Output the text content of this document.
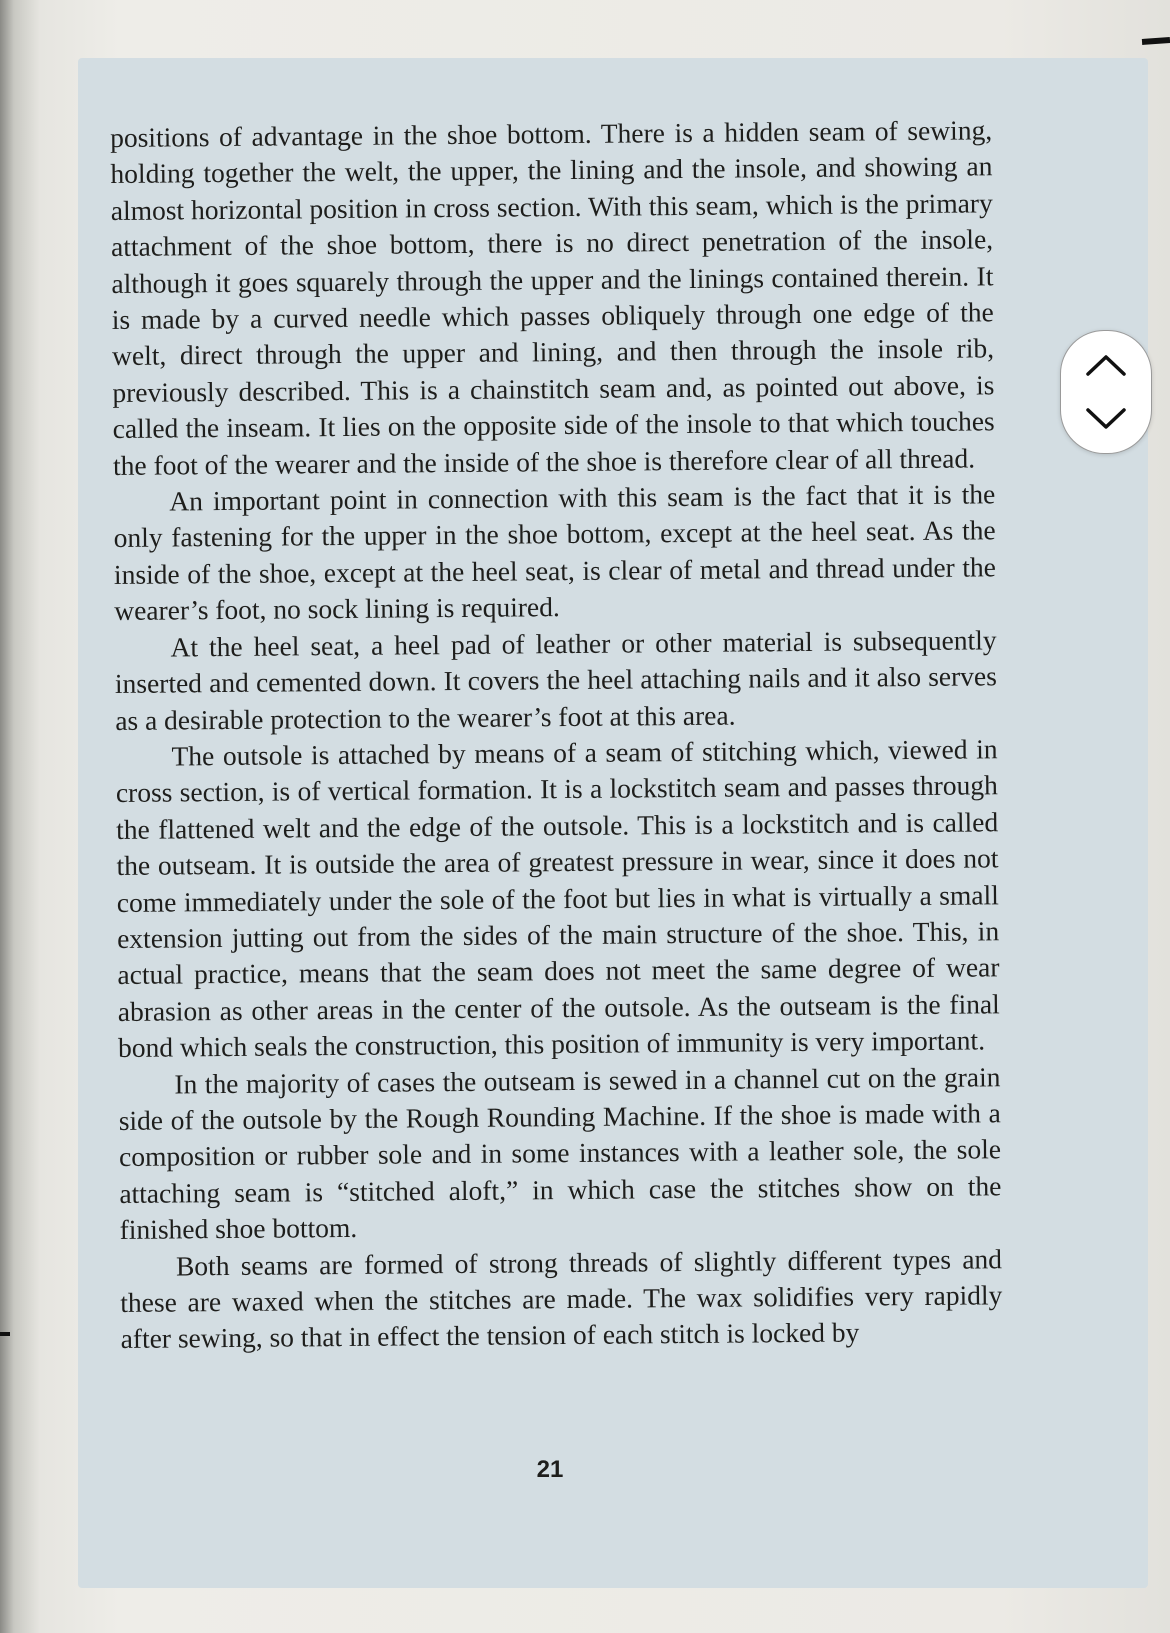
positions of advantage in the shoe bottom. There is a hidden seam of sewing, holding together the welt, the upper, the lining and the insole, and showing an almost horizontal position in cross section. With this seam, which is the primary attachment of the shoe bottom, there is no direct penetration of the insole, although it goes squarely through the upper and the linings contained therein. It is made by a curved needle which passes obliquely through one edge of the welt, direct through the upper and lining, and then through the insole rib, previously described. This is a chainstitch seam and, as pointed out above, is called the inseam. It lies on the opposite side of the insole to that which touches the foot of the wearer and the inside of the shoe is therefore clear of all thread.

An important point in connection with this seam is the fact that it is the only fastening for the upper in the shoe bottom, except at the heel seat. As the inside of the shoe, except at the heel seat, is clear of metal and thread under the wearer’s foot, no sock lining is required.

At the heel seat, a heel pad of leather or other material is subsequently inserted and cemented down. It covers the heel attaching nails and it also serves as a desirable protection to the wearer’s foot at this area.

The outsole is attached by means of a seam of stitching which, viewed in cross section, is of vertical formation. It is a lockstitch seam and passes through the flattened welt and the edge of the outsole. This is a lockstitch and is called the outseam. It is outside the area of greatest pressure in wear, since it does not come immediately under the sole of the foot but lies in what is virtually a small extension jutting out from the sides of the main structure of the shoe. This, in actual practice, means that the seam does not meet the same degree of wear abrasion as other areas in the center of the outsole. As the outseam is the final bond which seals the construction, this position of immunity is very important.

In the majority of cases the outseam is sewed in a channel cut on the grain side of the outsole by the Rough Rounding Machine. If the shoe is made with a composition or rubber sole and in some instances with a leather sole, the sole attaching seam is “stitched aloft,” in which case the stitches show on the finished shoe bottom.

Both seams are formed of strong threads of slightly different types and these are waxed when the stitches are made. The wax solidifies very rapidly after sewing, so that in effect the tension of each stitch is locked by

21
